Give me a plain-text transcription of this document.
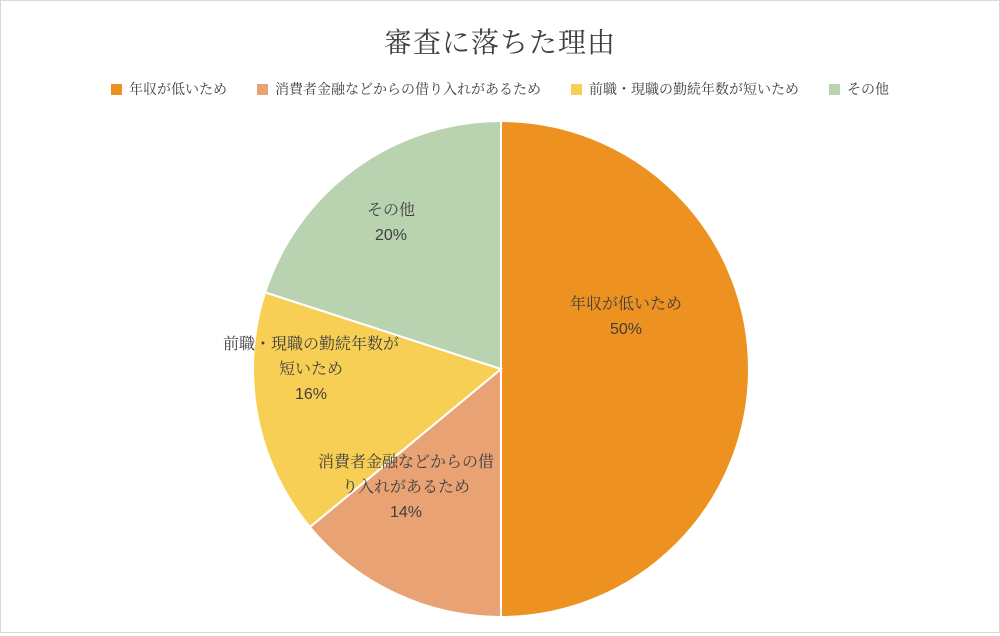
審査に落ちた理由
年収が低いため	消費者金融などからの借り入れがあるため	前職・現職の勤続年数が短いため	その他
年収が低いため
50%
消費者金融などからの借
り入れがあるため
14%
前職・現職の勤続年数が
短いため
16%
その他
20%
